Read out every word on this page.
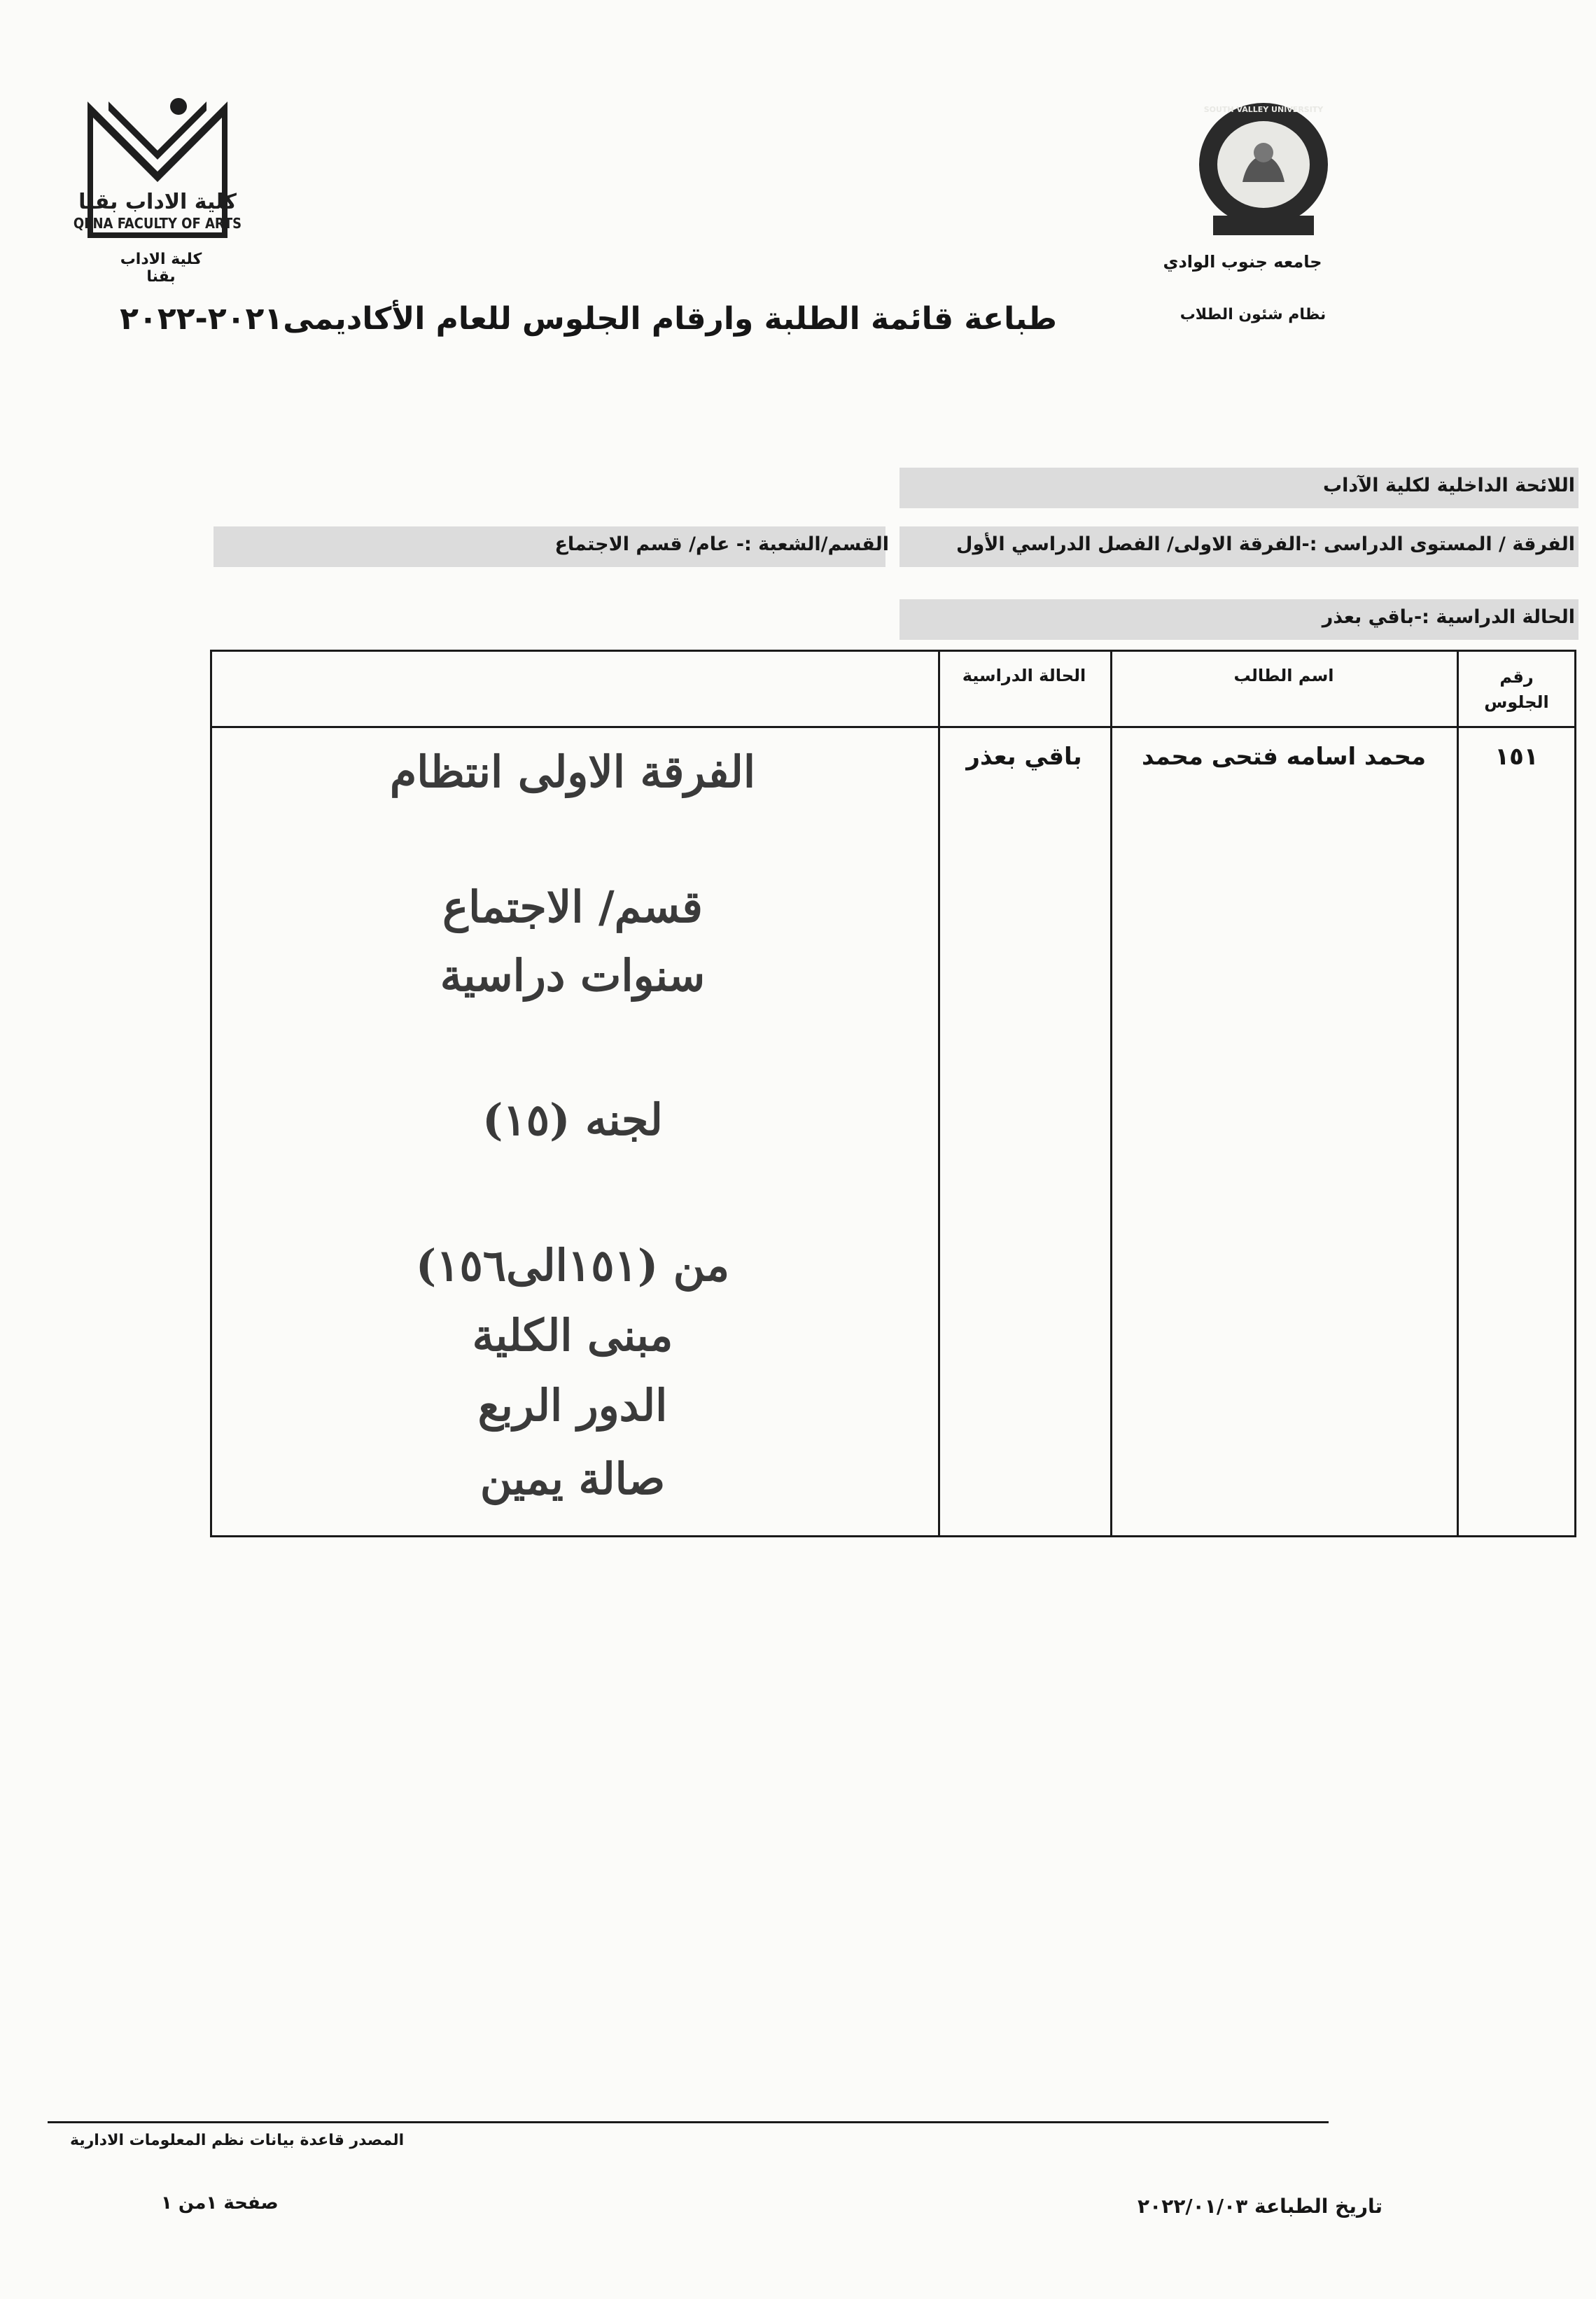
SOUTH VALLEY UNIVERSITY
جامعه جنوب الوادي
نظام شئون الطلاب
كلية الاداب بقنا
QENA FACULTY OF ARTS
كلية الاداب بقنا
طباعة قائمة الطلبة وارقام الجلوس للعام الأكاديمى٢٠٢١-٢٠٢٢
اللائحة الداخلية لكلية الآداب
الفرقة / المستوى الدراسى :-الفرقة الاولى/ الفصل الدراسي الأول
القسم/الشعبة :- عام/ قسم الاجتماع
الحالة الدراسية :-باقي بعذر
رقم
الجلوس
اسم الطالب
الحالة الدراسية
١٥١
محمد اسامه فتحى محمد
باقي بعذر
الفرقة الاولى انتظام
قسم/ الاجتماع
سنوات دراسية
لجنه (١٥)
من (١٥١الى١٥٦)
مبنى الكلية
الدور الربع
صالة يمين
المصدر قاعدة بيانات نظم المعلومات الادارية
صفحة ١من ١	تاريخ الطباعة ٢٠٢٢/٠١/٠٣
